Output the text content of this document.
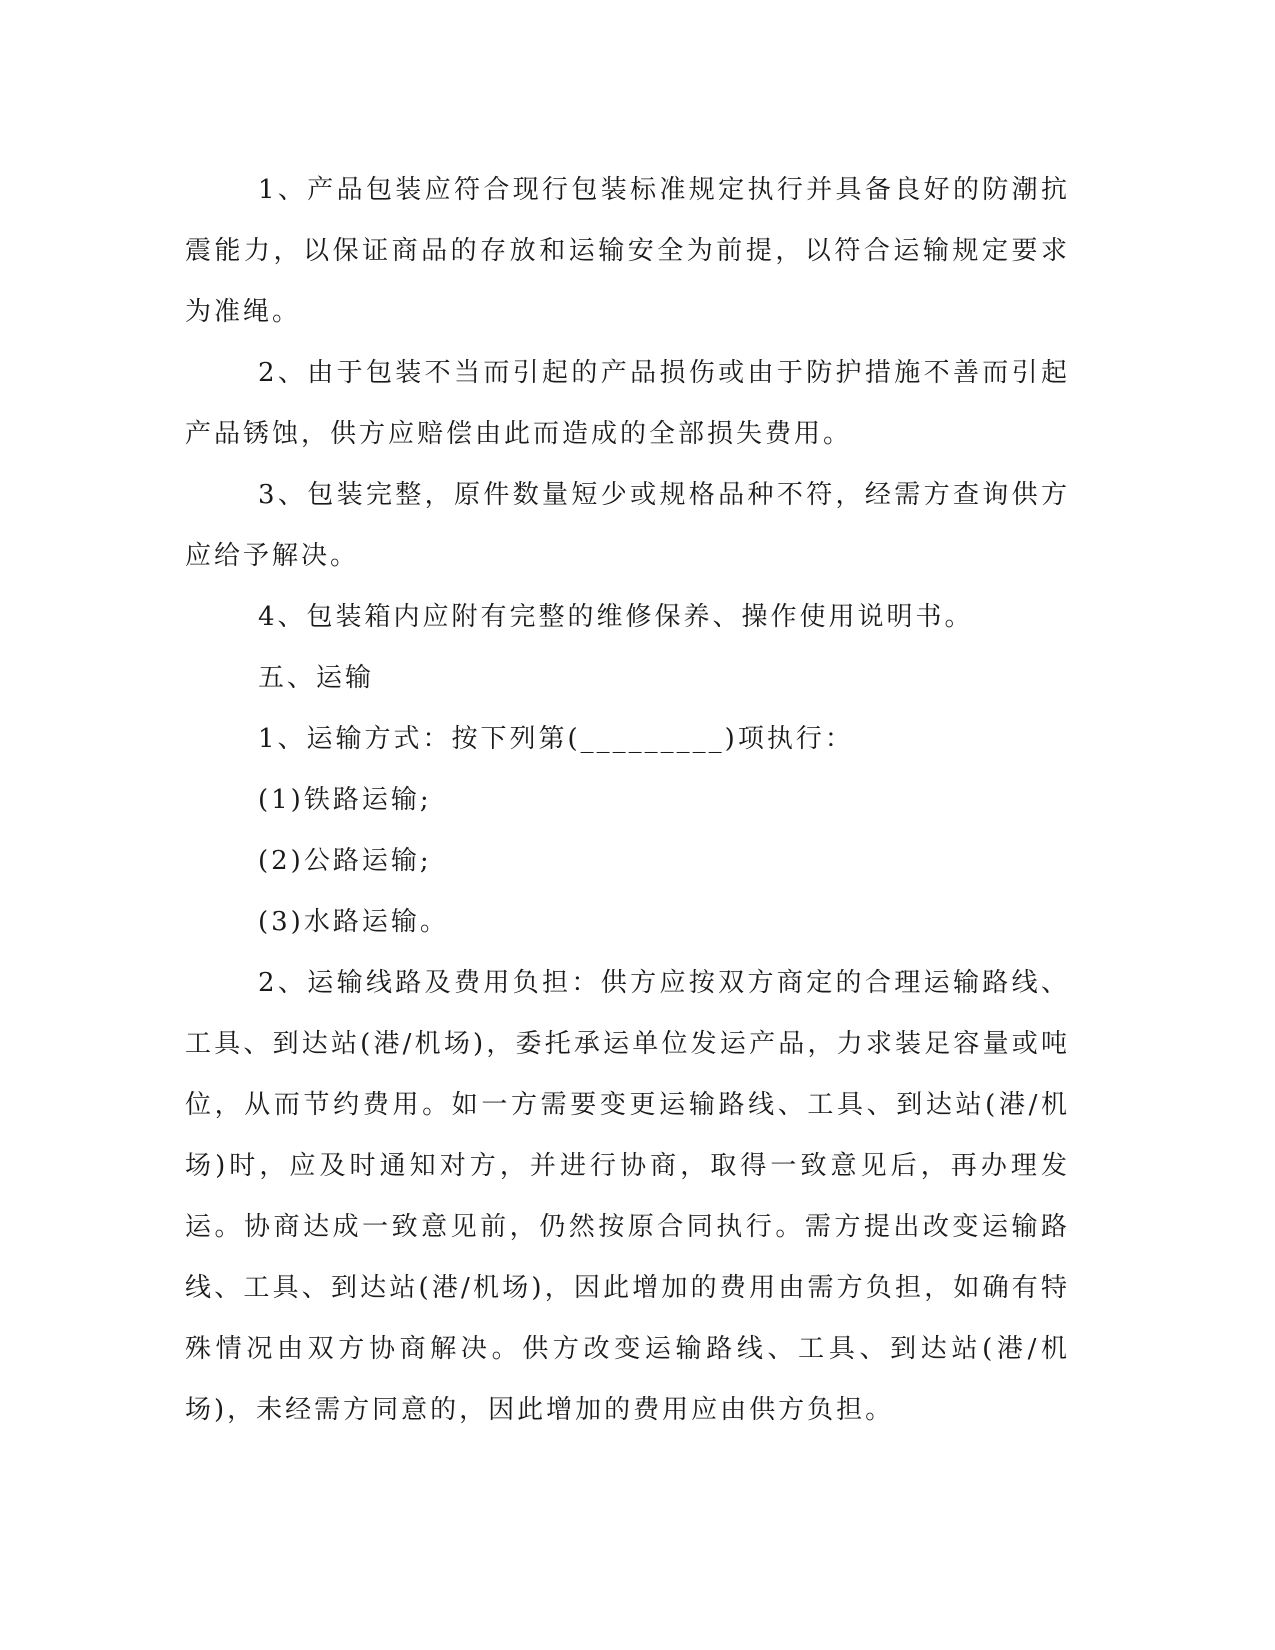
1、产品包装应符合现行包装标准规定执行并具备良好的防潮抗震能力，以保证商品的存放和运输安全为前提，以符合运输规定要求为准绳。

2、由于包装不当而引起的产品损伤或由于防护措施不善而引起产品锈蚀，供方应赔偿由此而造成的全部损失费用。

3、包装完整，原件数量短少或规格品种不符，经需方查询供方应给予解决。

4、包装箱内应附有完整的维修保养、操作使用说明书。

五、运输

1、运输方式：按下列第(_________)项执行：

(1)铁路运输;

(2)公路运输;

(3)水路运输。

2、运输线路及费用负担：供方应按双方商定的合理运输路线、工具、到达站(港/机场)，委托承运单位发运产品，力求装足容量或吨位，从而节约费用。如一方需要变更运输路线、工具、到达站(港/机场)时，应及时通知对方，并进行协商，取得一致意见后，再办理发运。协商达成一致意见前，仍然按原合同执行。需方提出改变运输路线、工具、到达站(港/机场)，因此增加的费用由需方负担，如确有特殊情况由双方协商解决。供方改变运输路线、工具、到达站(港/机场)，未经需方同意的，因此增加的费用应由供方负担。
